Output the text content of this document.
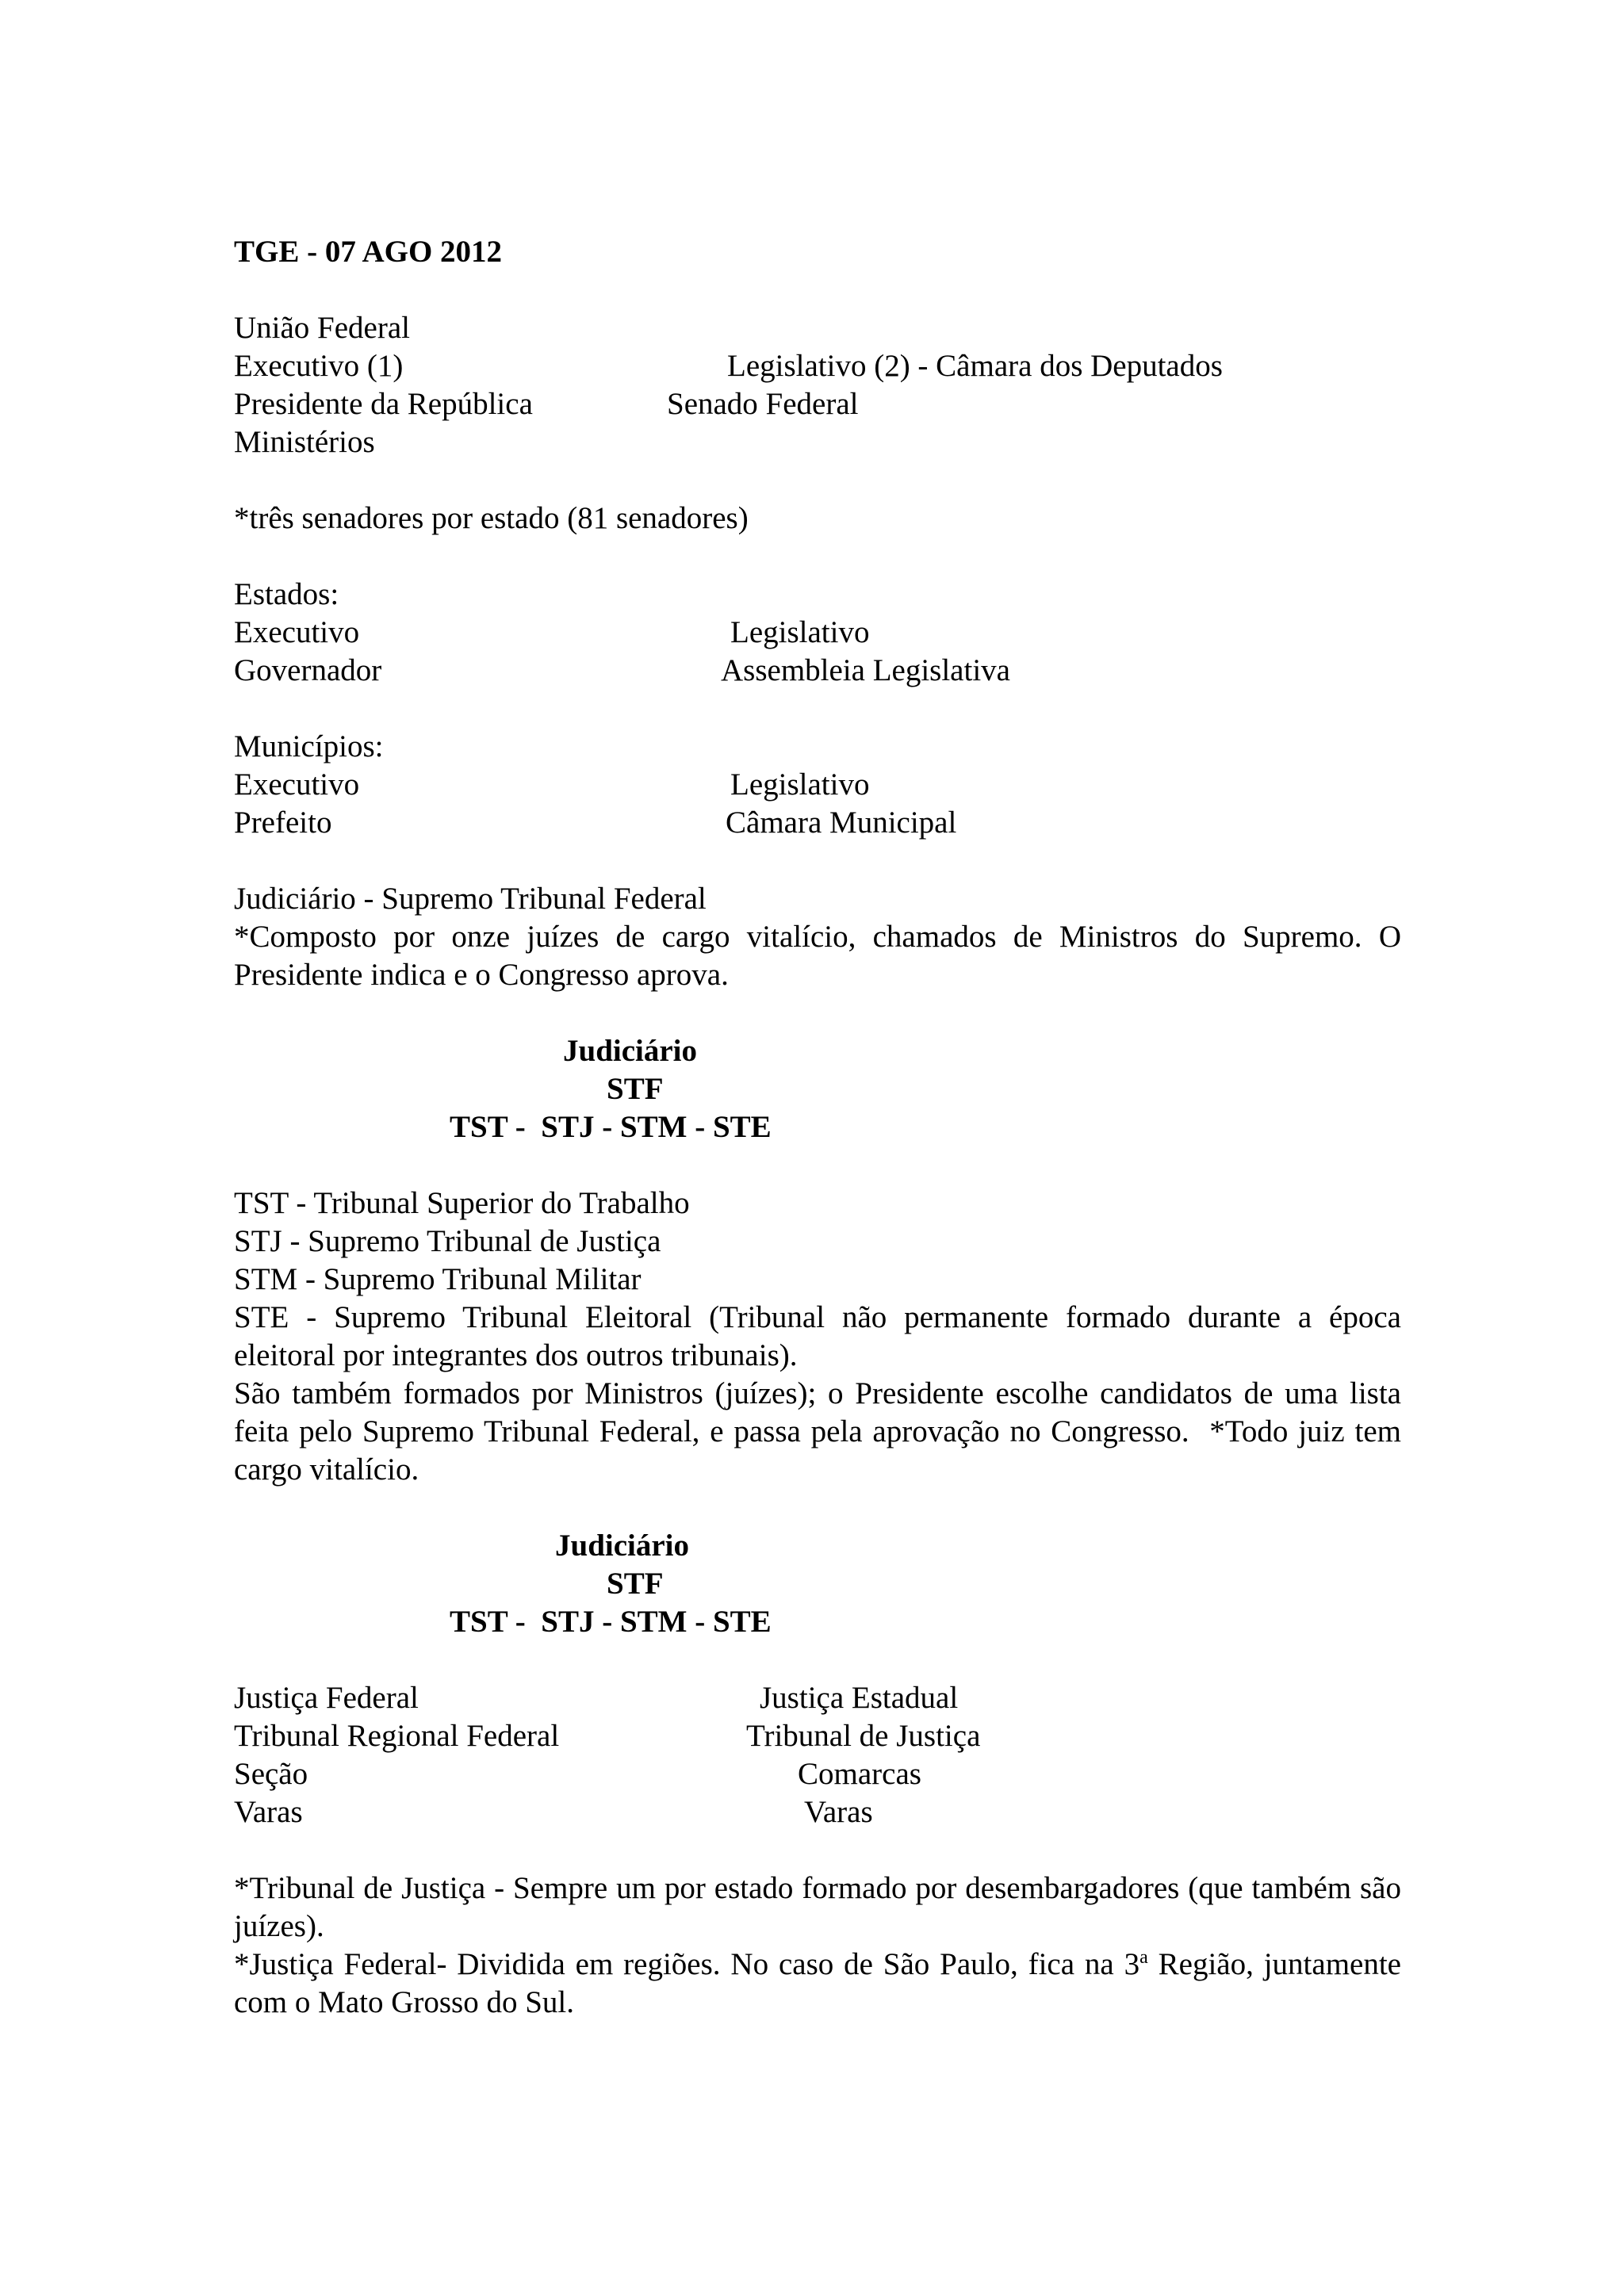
TGE - 07 AGO 2012
União Federal
Executivo (1)	Legislativo (2) - Câmara dos Deputados
Presidente da República	Senado Federal
Ministérios
*três senadores por estado (81 senadores)
Estados:
Executivo	Legislativo
Governador	Assembleia Legislativa
Municípios:
Executivo	Legislativo
Prefeito	Câmara Municipal
Judiciário - Supremo Tribunal Federal
*Composto por onze juízes de cargo vitalício, chamados de Ministros do Supremo. O Presidente indica e o Congresso aprova.
Judiciário
STF
TST -  STJ - STM - STE
TST - Tribunal Superior do Trabalho
STJ - Supremo Tribunal de Justiça
STM - Supremo Tribunal Militar
STE - Supremo Tribunal Eleitoral (Tribunal não permanente formado durante a época eleitoral por integrantes dos outros tribunais).
São também formados por Ministros (juízes); o Presidente escolhe candidatos de uma lista feita pelo Supremo Tribunal Federal, e passa pela aprovação no Congresso.  *Todo juiz tem cargo vitalício.
Judiciário
STF
TST -  STJ - STM - STE
Justiça Federal	Justiça Estadual
Tribunal Regional Federal	Tribunal de Justiça
Seção	Comarcas
Varas	Varas
*Tribunal de Justiça - Sempre um por estado formado por desembargadores (que também são juízes).
*Justiça Federal- Dividida em regiões. No caso de São Paulo, fica na 3$^a$ Região, juntamente com o Mato Grosso do Sul.
